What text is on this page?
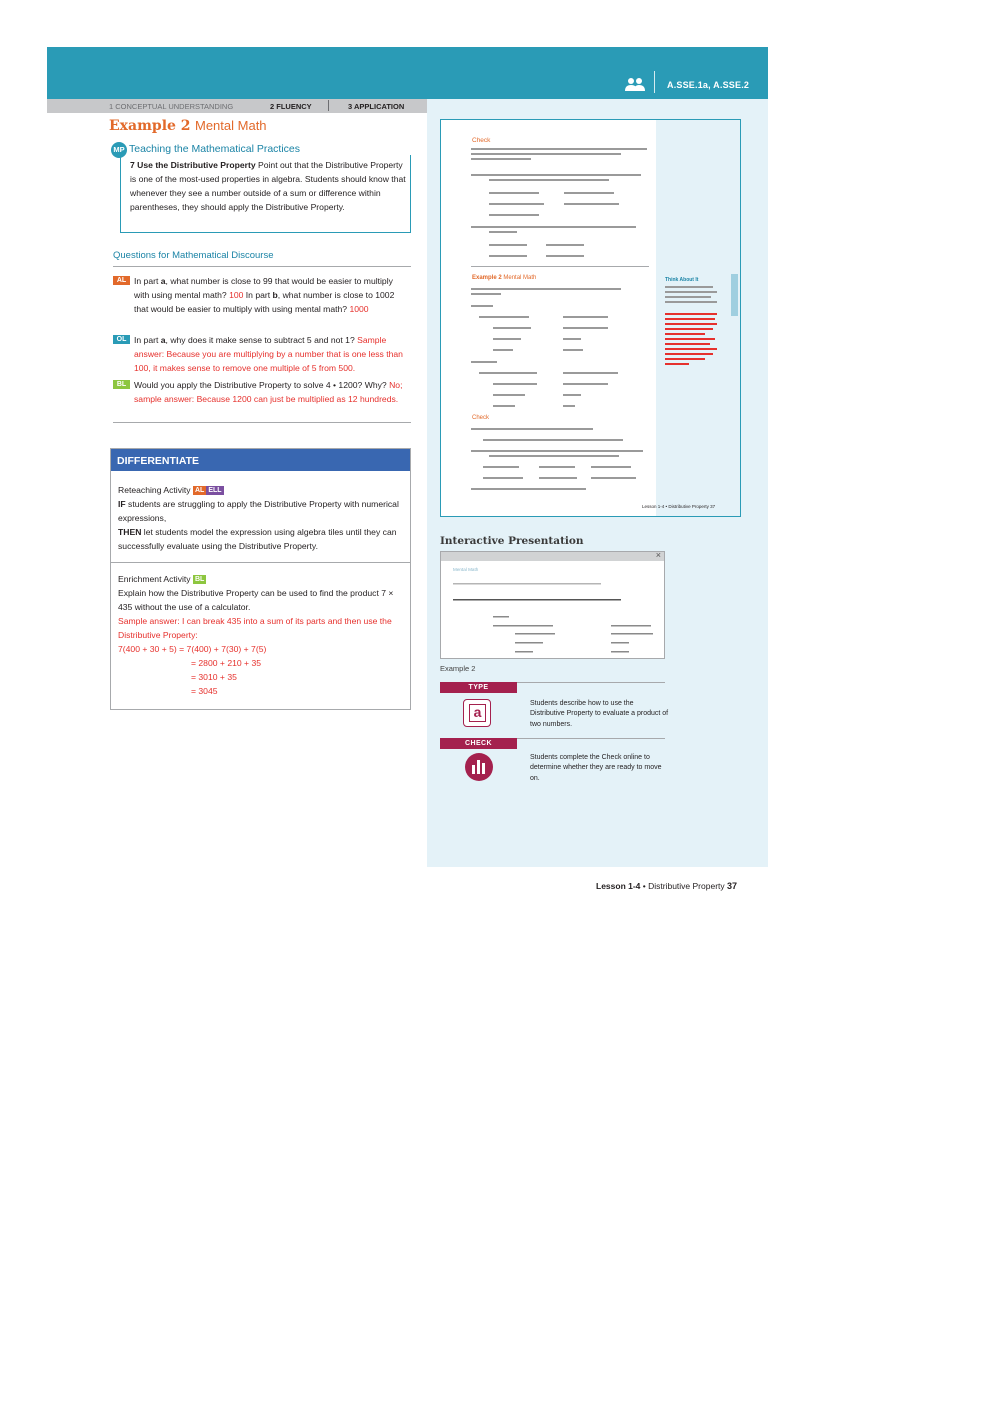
A.SSE.1a, A.SSE.2
1 CONCEPTUAL UNDERSTANDING	2 FLUENCY	3 APPLICATION
Example 2 Mental Math
MP Teaching the Mathematical Practices
7 Use the Distributive Property Point out that the Distributive Property is one of the most-used properties in algebra. Students should know that whenever they see a number outside of a sum or difference within parentheses, they should apply the Distributive Property.
Questions for Mathematical Discourse
AL In part a, what number is close to 99 that would be easier to multiply with using mental math? 100 In part b, what number is close to 1002 that would be easier to multiply with using mental math? 1000
OL In part a, why does it make sense to subtract 5 and not 1? Sample answer: Because you are multiplying by a number that is one less than 100, it makes sense to remove one multiple of 5 from 500.
BL Would you apply the Distributive Property to solve 4 • 1200? Why? No; sample answer: Because 1200 can just be multiplied as 12 hundreds.
DIFFERENTIATE
Reteaching Activity AL ELL
IF students are struggling to apply the Distributive Property with numerical expressions,
THEN let students model the expression using algebra tiles until they can successfully evaluate using the Distributive Property.
Enrichment Activity BL
Explain how the Distributive Property can be used to find the product 7 × 435 without the use of a calculator.
Sample answer: I can break 435 into a sum of its parts and then use the Distributive Property:
7(400 + 30 + 5) = 7(400) + 7(30) + 7(5)
= 2800 + 210 + 35
= 3010 + 35
= 3045
Check
Example 2 Mental Math
Check
Think About It
Lesson 1-4 • Distributive Property 37
Interactive Presentation
×
Mental Math
Example 2
TYPE
a
Students describe how to use the Distributive Property to evaluate a product of two numbers.
CHECK
Students complete the Check online to determine whether they are ready to move on.
Lesson 1-4 • Distributive Property 37
